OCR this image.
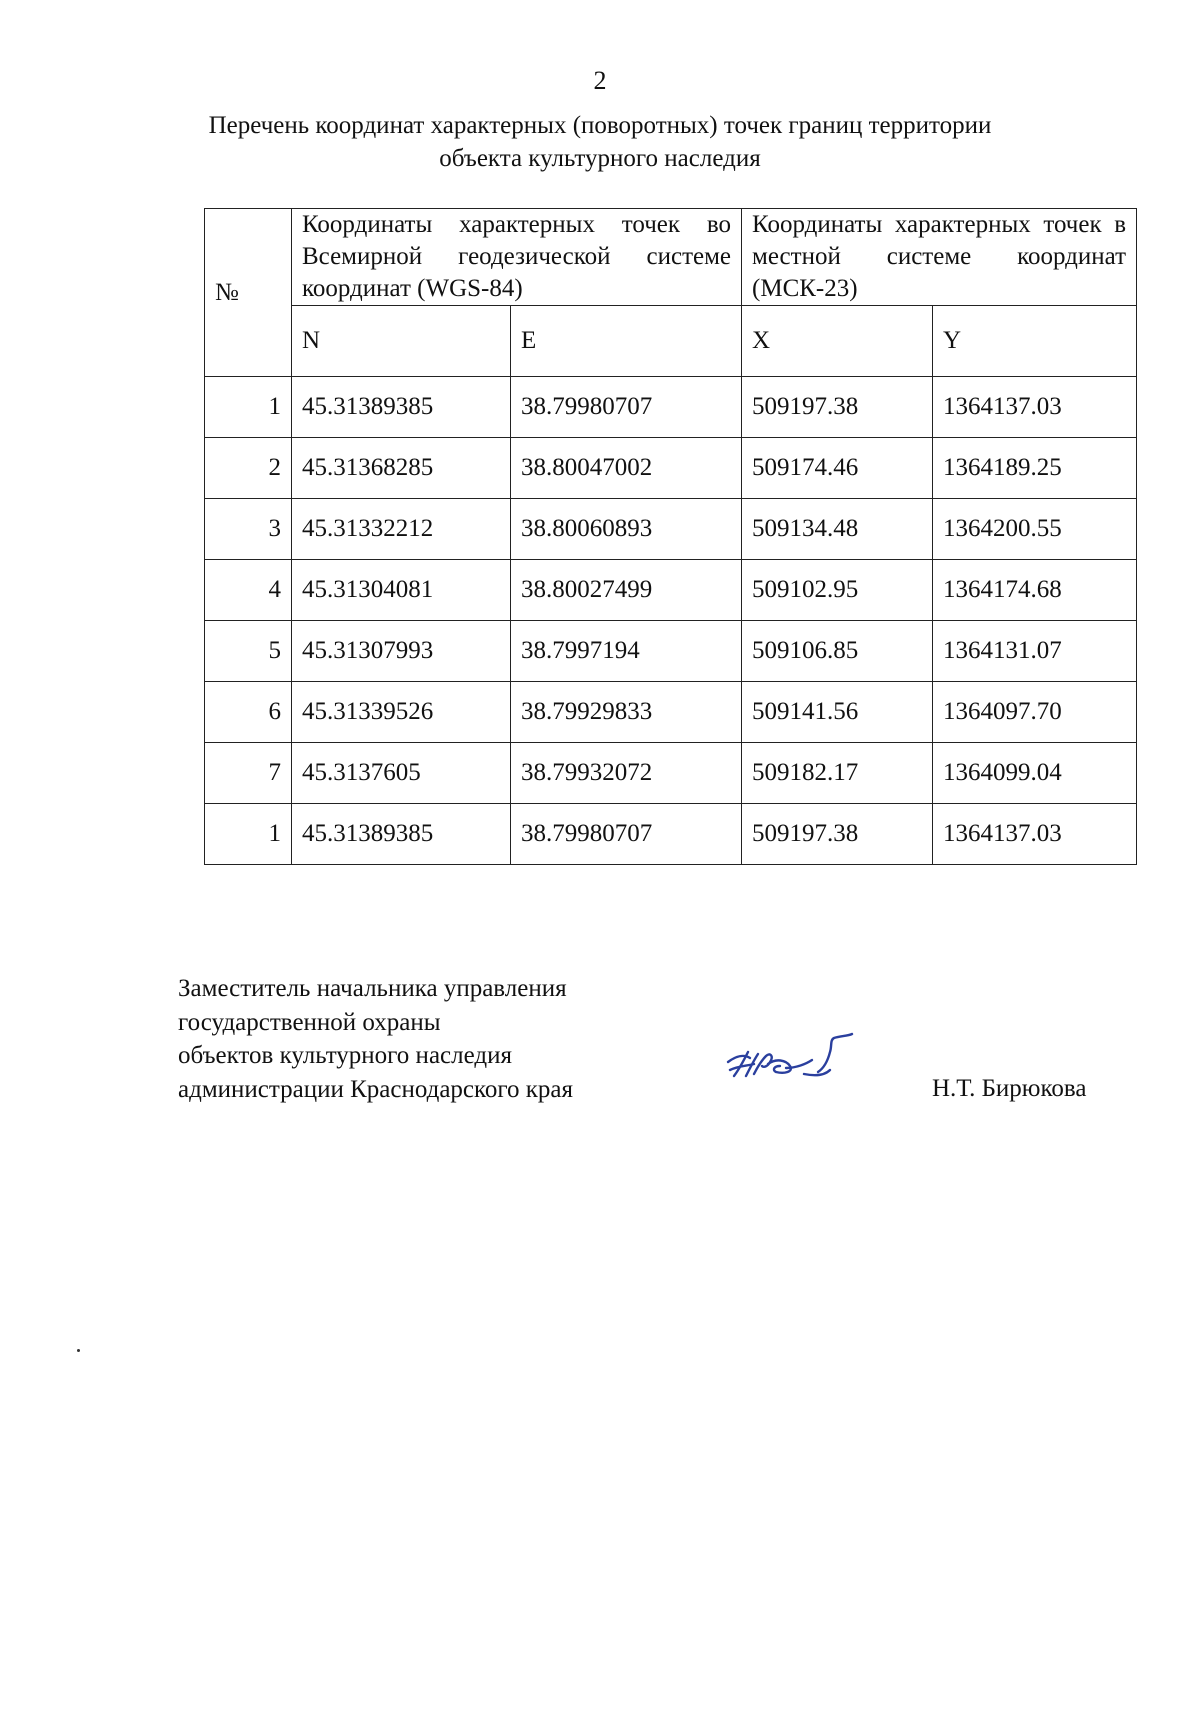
2
Перечень координат характерных (поворотных) точек границ территории
объекта культурного наследия
№	Координаты характерных точек во Всемирной геодезической системе координат (WGS-84)		Координаты характерных точек в местной системе координат (МСК-23)	
	N	E	X	Y
1	45.31389385	38.79980707	509197.38	1364137.03
2	45.31368285	38.80047002	509174.46	1364189.25
3	45.31332212	38.80060893	509134.48	1364200.55
4	45.31304081	38.80027499	509102.95	1364174.68
5	45.31307993	38.7997194	509106.85	1364131.07
6	45.31339526	38.79929833	509141.56	1364097.70
7	45.3137605	38.79932072	509182.17	1364099.04
1	45.31389385	38.79980707	509197.38	1364137.03
Заместитель начальника управления
государственной охраны
объектов культурного наследия
администрации Краснодарского края	Н.Т. Бирюкова
